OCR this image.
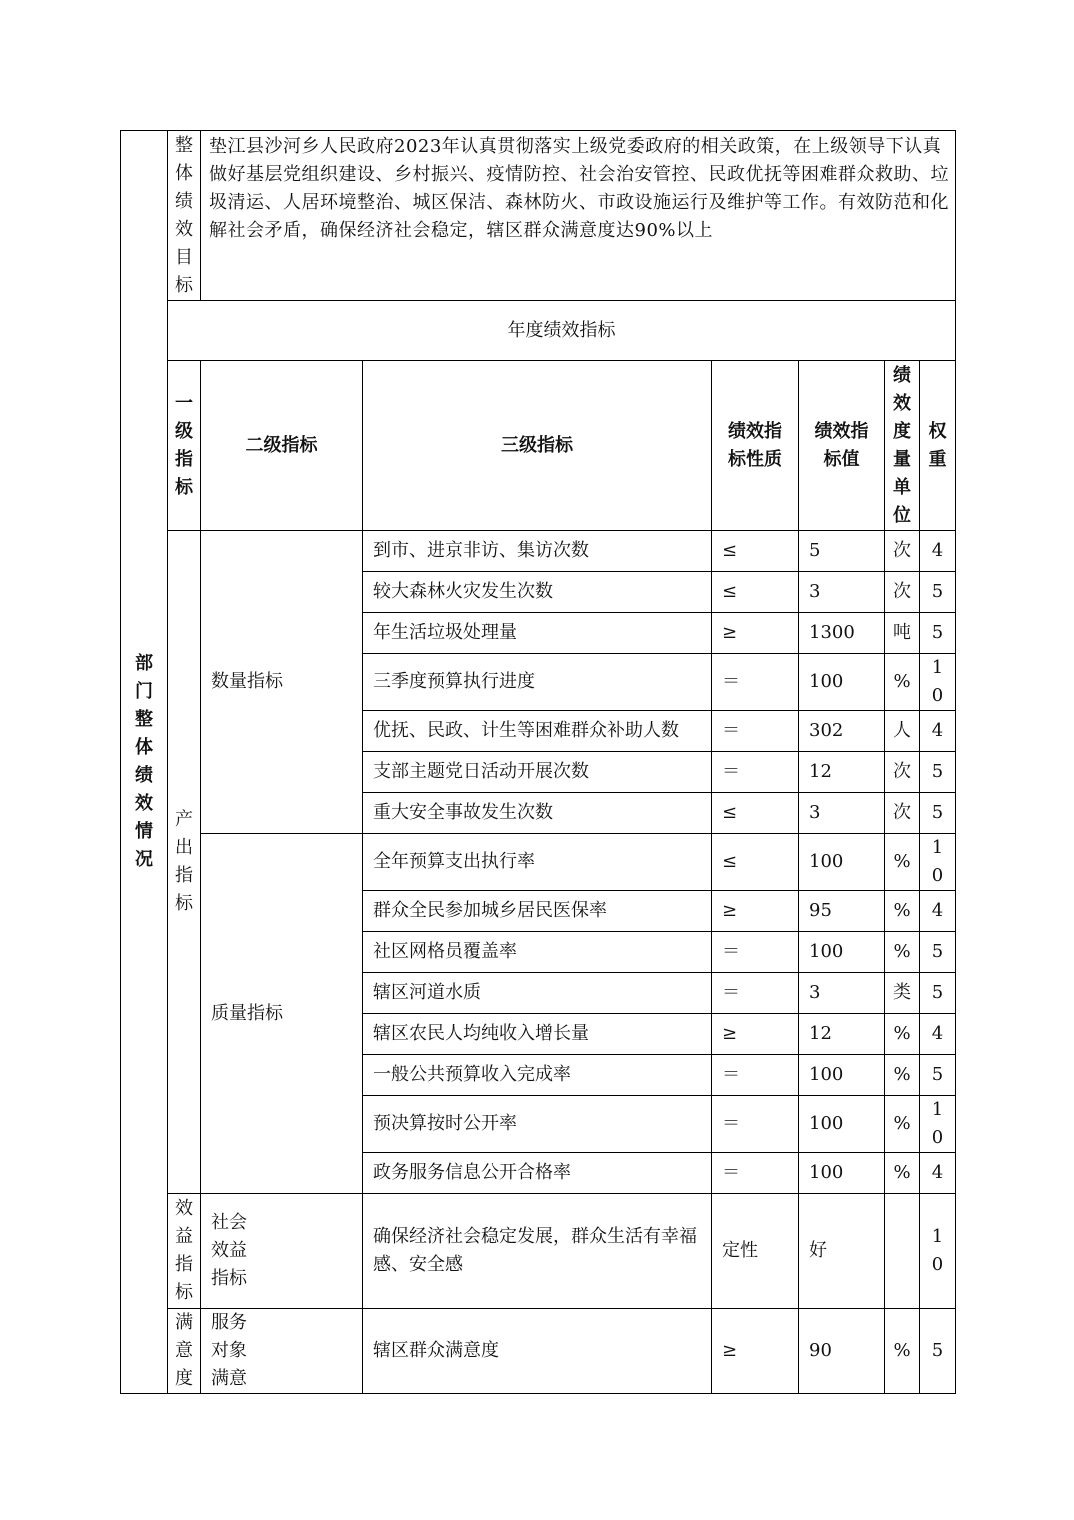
部门整体绩效情况	整体绩效目标	垫江县沙河乡人民政府2023年认真贯彻落实上级党委政府的相关政策，在上级领导下认真做好基层党组织建设、乡村振兴、疫情防控、社会治安管控、民政优抚等困难群众救助、垃圾清运、人居环境整治、城区保洁、森林防火、市政设施运行及维护等工作。有效防范和化解社会矛盾，确保经济社会稳定，辖区群众满意度达90%以上					
	年度绩效指标						
	一级指标	二级指标	三级指标	绩效指标性质	绩效指标值	绩效度量单位	权重
	产出指标	数量指标	到市、进京非访、集访次数	≤	5	次	4
			较大森林火灾发生次数	≤	3	次	5
			年生活垃圾处理量	≥	1300	吨	5
			三季度预算执行进度	＝	100	%	10
			优抚、民政、计生等困难群众补助人数	＝	302	人	4
			支部主题党日活动开展次数	＝	12	次	5
			重大安全事故发生次数	≤	3	次	5
		质量指标	全年预算支出执行率	≤	100	%	10
			群众全民参加城乡居民医保率	≥	95	%	4
			社区网格员覆盖率	＝	100	%	5
			辖区河道水质	＝	3	类	5
			辖区农民人均纯收入增长量	≥	12	%	4
			一般公共预算收入完成率	＝	100	%	5
			预决算按时公开率	＝	100	%	10
			政务服务信息公开合格率	＝	100	%	4
	效益指标	社会
效益
指标	确保经济社会稳定发展，群众生活有幸福感、安全感	定性	好		10
	满意度	服务
对象
满意	辖区群众满意度	≥	90	%	5
